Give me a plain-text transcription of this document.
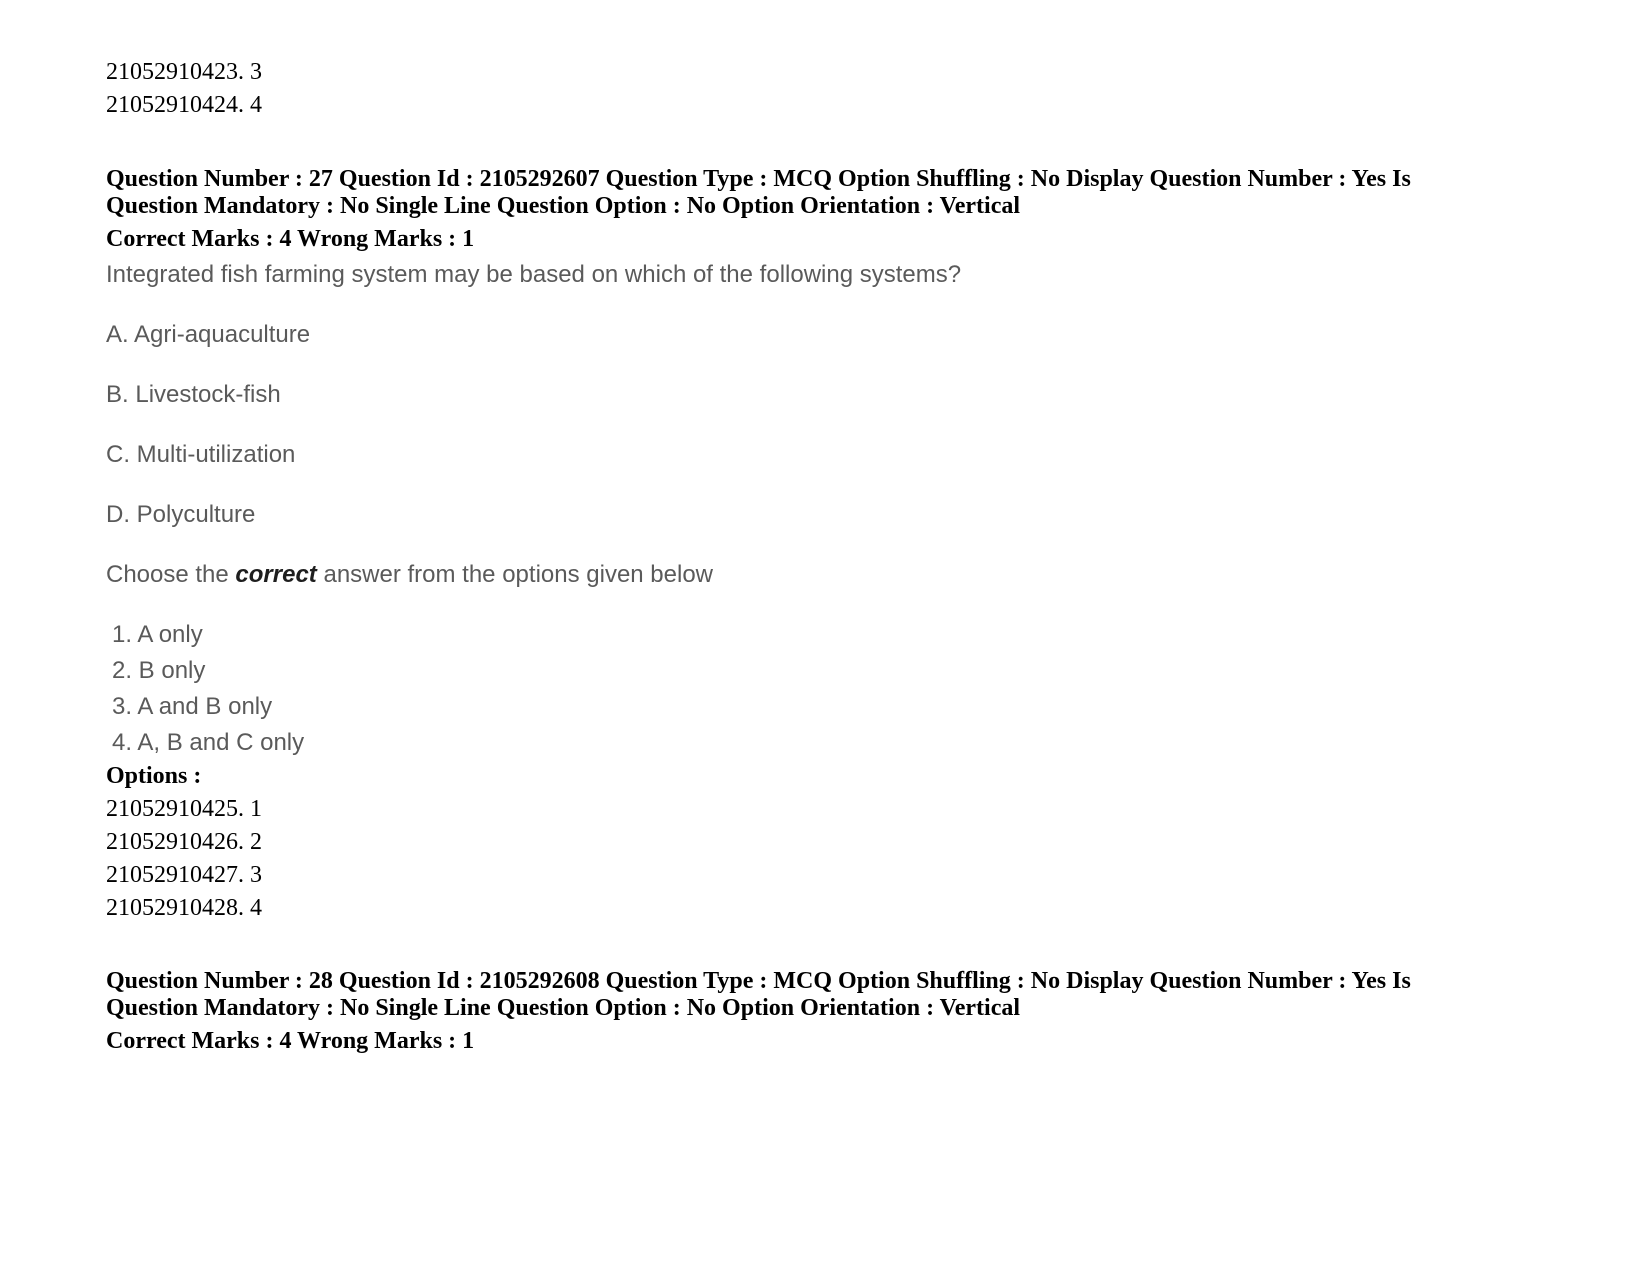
21052910423. 3
21052910424. 4
Question Number : 27 Question Id : 2105292607 Question Type : MCQ Option Shuffling : No Display Question Number : Yes Is
Question Mandatory : No Single Line Question Option : No Option Orientation : Vertical
Correct Marks : 4 Wrong Marks : 1
Integrated fish farming system may be based on which of the following systems?
A. Agri-aquaculture
B. Livestock-fish
C. Multi-utilization
D. Polyculture
Choose the correct answer from the options given below
1. A only
2. B only
3. A and B only
4. A, B and C only
Options :
21052910425. 1
21052910426. 2
21052910427. 3
21052910428. 4
Question Number : 28 Question Id : 2105292608 Question Type : MCQ Option Shuffling : No Display Question Number : Yes Is
Question Mandatory : No Single Line Question Option : No Option Orientation : Vertical
Correct Marks : 4 Wrong Marks : 1
